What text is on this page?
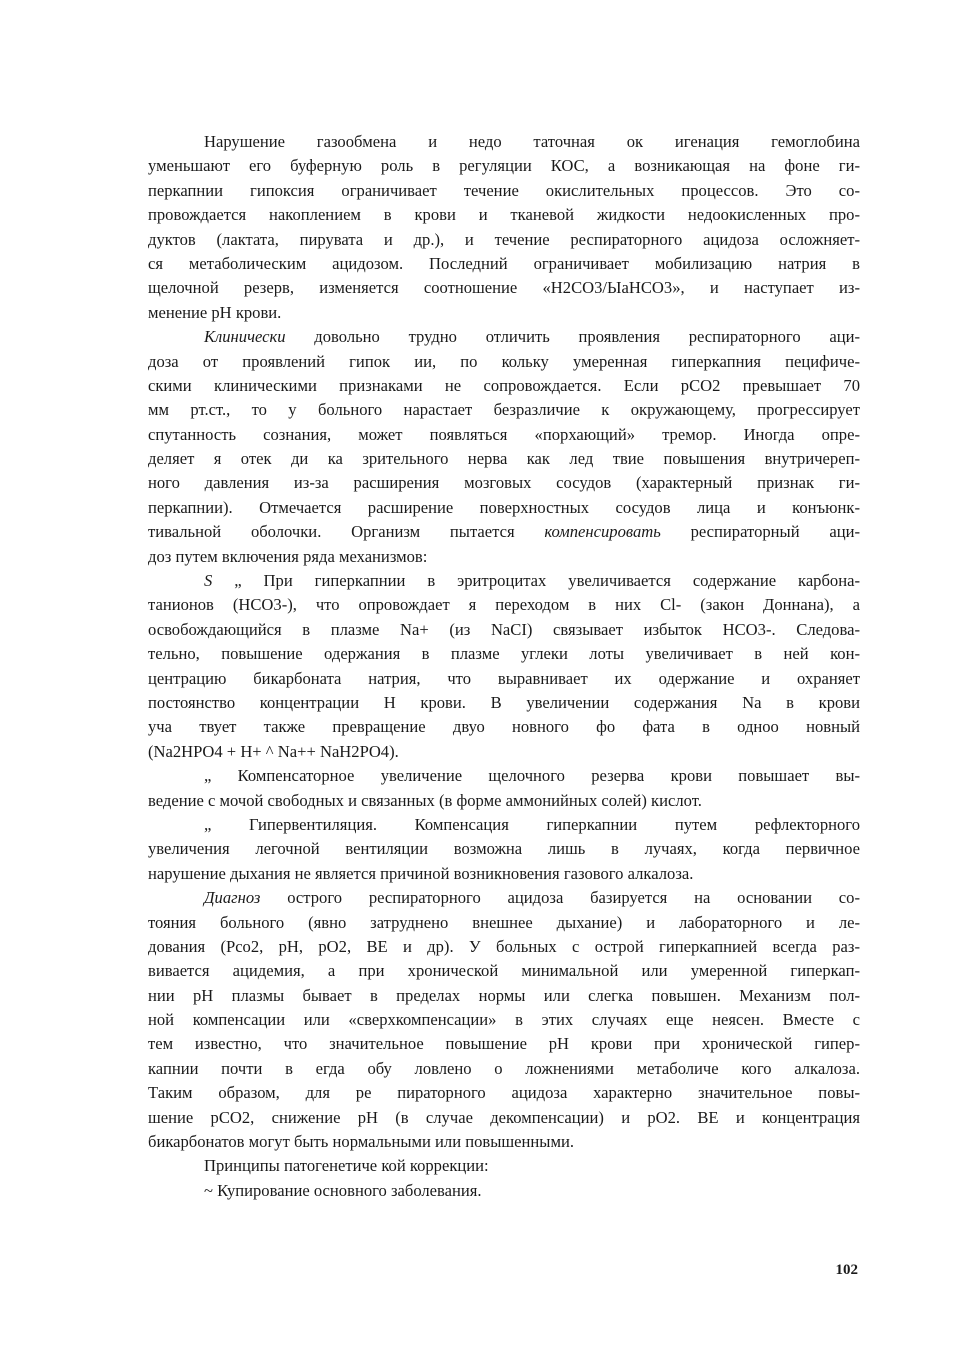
Нарушение газообмена и недо таточная ок игенация гемоглобина
уменьшают его буферную роль в регуляции КОС, а возникающая на фоне ги-
перкапнии гипоксия ограничивает течение окислительных процессов. Это со-
провождается накоплением в крови и тканевой жидкости недоокисленных про-
дуктов (лактата, пирувата и др.), и течение респираторного ацидоза осложняет-
ся метаболическим ацидозом. Последний ограничивает мобилизацию натрия в
щелочной резерв, изменяется соотношение «H2CO3/ЫаНСО3», и наступает из-
менение рН крови.
Клинически довольно трудно отличить проявления респираторного аци-
доза от проявлений гипок ии, по кольку умеренная гиперкапния пецифиче-
скими клиническими признаками не сопровождается. Если рСО2 превышает 70
мм рт.ст., то у больного нарастает безразличие к окружающему, прогрессирует
спутанность сознания, может появляться «порхающий» тремор. Иногда опре-
деляет я отек ди ка зрительного нерва как лед твие повышения внутричереп-
ного давления из-за расширения мозговых сосудов (характерный признак ги-
перкапнии). Отмечается расширение поверхностных сосудов лица и конъюнк-
тивальной оболочки. Организм пытается компенсировать респираторный аци-
доз путем включения ряда механизмов:
S „ При гиперкапнии в эритроцитах увеличивается содержание карбона-
танионов (НСО3-), что опровождает я переходом в них Cl- (закон Доннана), а
освобождающийся в плазме Na+ (из NaCI) связывает избыток НСО3-. Следова-
тельно, повышение одержания в плазме углеки лоты увеличивает в ней кон-
центрацию бикарбоната натрия, что выравнивает их одержание и охраняет
постоянство концентрации Н крови. В увеличении содержания Na в крови
уча твует также превращение двуо новного фо фата в одноо новный
(Na2HPO4 + H+ ^ Na++ NaH2PO4).
„ Компенсаторное увеличение щелочного резерва крови повышает вы-
ведение с мочой свободных и связанных (в форме аммонийных солей) кислот.
„ Гипервентиляция. Компенсация гиперкапнии путем рефлекторного
увеличения легочной вентиляции возможна лишь в лучаях, когда первичное
нарушение дыхания не является причиной возникновения газового алкалоза.
Диагноз острого респираторного ацидоза базируется на основании со-
тояния больного (явно затруднено внешнее дыхание) и лабораторного и ле-
дования (Рсо2, рН, рО2, BE и др). У больных с острой гиперкапнией всегда раз-
вивается ацидемия, а при хронической минимальной или умеренной гиперкап-
нии рН плазмы бывает в пределах нормы или слегка повышен. Механизм пол-
ной компенсации или «сверхкомпенсации» в этих случаях еще неясен. Вместе с
тем известно, что значительное повышение рН крови при хронической гипер-
капнии почти в егда обу ловлено о ложнениями метаболиче кого алкалоза.
Таким образом, для ре пираторного ацидоза характерно значительное повы-
шение рСО2, снижение рН (в случае декомпенсации) и рО2. BE и концентрация
бикарбонатов могут быть нормальными или повышенными.
Принципы патогенетиче кой коррекции:
~ Купирование основного заболевания.
102
